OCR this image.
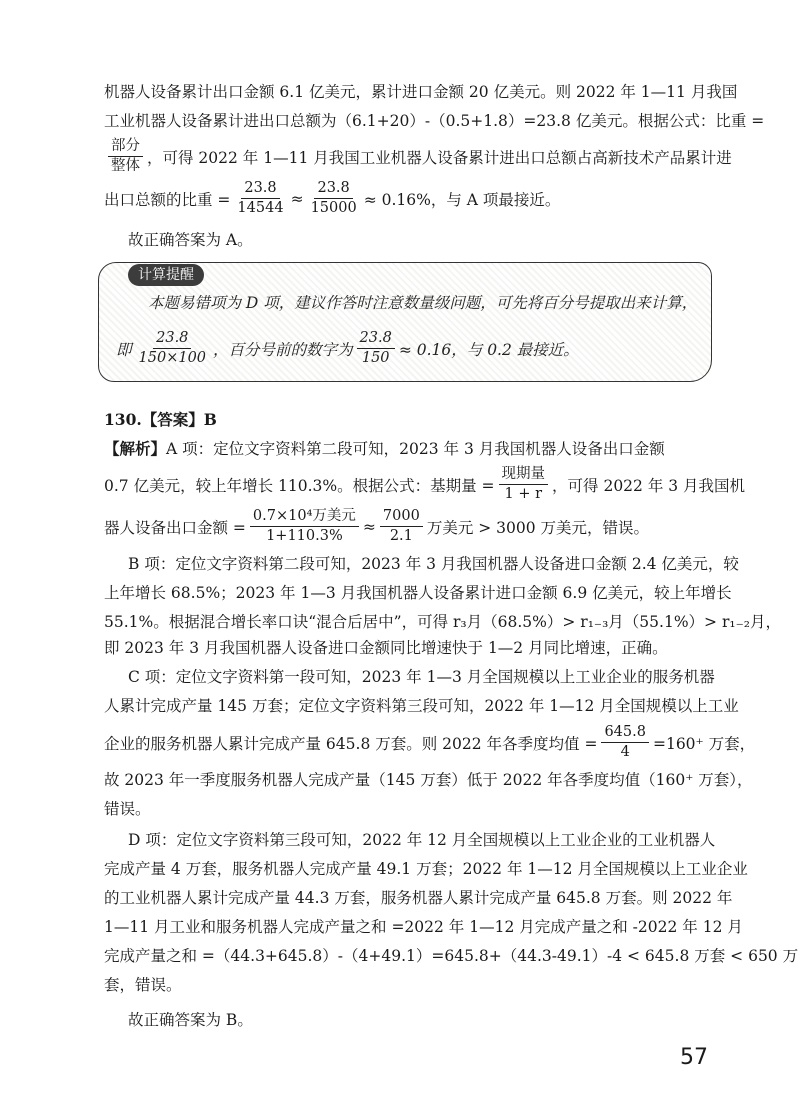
机器人设备累计出口金额 6.1 亿美元，累计进口金额 20 亿美元。则 2022 年 1—11 月我国
工业机器人设备累计进出口总额为（6.1+20）-（0.5+1.8）=23.8 亿美元。根据公式：比重 =
$\frac{\text{部分}}{\text{整体}}$ ，可得 2022 年 1—11 月我国工业机器人设备累计进出口总额占高新技术产品累计进
出口总额的比重 = $\frac{23.8}{14544} \approx \frac{23.8}{15000} \approx 0.16\%$，与 A 项最接近。
故正确答案为 A。
计算提醒
本题易错项为 D 项，建议作答时注意数量级问题，可先将百分号提取出来计算，
即 $\frac{23.8}{150\times 100}$ ，百分号前的数字为 $\frac{23.8}{150} \approx 0.16$，与 0.2 最接近。
130.【答案】B
【解析】 A 项：定位文字资料第二段可知，2023 年 3 月我国机器人设备出口金额
0.7 亿美元，较上年增长 110.3%。根据公式：基期量 = $\frac{\text{现期量}}{1 + r}$ ，可得 2022 年 3 月我国机
器人设备出口金额 = $\frac{\text{0.7×10⁴万美元}}{1+110.3\%} \approx \frac{7000}{2.1}$ 万美元 > 3000 万美元，错误。
B 项：定位文字资料第二段可知，2023 年 3 月我国机器人设备进口金额 2.4 亿美元，较
上年增长 68.5%；2023 年 1—3 月我国机器人设备累计进口金额 6.9 亿美元，较上年增长
55.1%。根据混合增长率口诀“混合后居中”，可得 r₃月（68.5%）> r₁₋₃月（55.1%）> r₁₋₂月，
即 2023 年 3 月我国机器人设备进口金额同比增速快于 1—2 月同比增速，正确。
C 项：定位文字资料第一段可知，2023 年 1—3 月全国规模以上工业企业的服务机器
人累计完成产量 145 万套；定位文字资料第三段可知，2022 年 1—12 月全国规模以上工业
企业的服务机器人累计完成产量 645.8 万套。则 2022 年各季度均值 = $\frac{645.8}{4} =160^+$ 万套，
故 2023 年一季度服务机器人完成产量（145 万套）低于 2022 年各季度均值（160⁺ 万套），
错误。
D 项：定位文字资料第三段可知，2022 年 12 月全国规模以上工业企业的工业机器人
完成产量 4 万套，服务机器人完成产量 49.1 万套；2022 年 1—12 月全国规模以上工业企业
的工业机器人累计完成产量 44.3 万套，服务机器人累计完成产量 645.8 万套。则 2022 年
1—11 月工业和服务机器人完成产量之和 =2022 年 1—12 月完成产量之和 -2022 年 12 月
完成产量之和 =（44.3+645.8）-（4+49.1）=645.8+（44.3-49.1）-4 < 645.8 万套 < 650 万
套，错误。
故正确答案为 B。
57
